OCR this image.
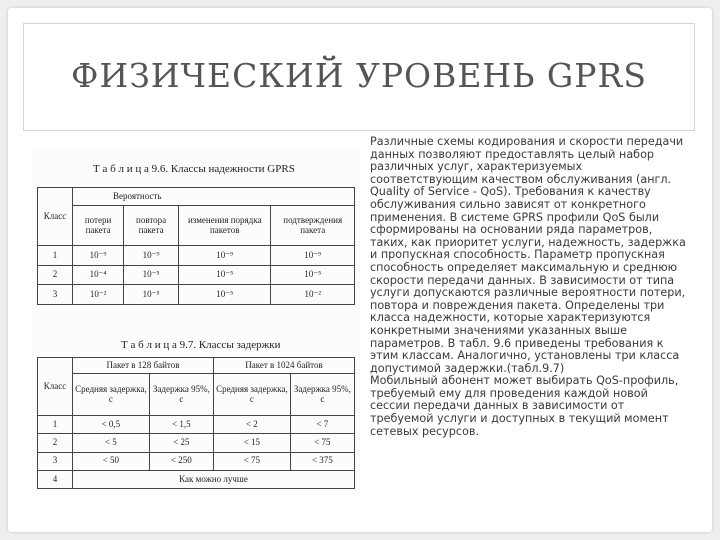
ФИЗИЧЕСКИЙ УРОВЕНЬ GPRS
Т а б л и ц а 9.6. Классы надежности GPRS
Класс	Вероятность			
	потери пакета	повтора пакета	изменения порядка пакетов	подтверждения пакета
1	10⁻⁹	10⁻⁹	10⁻⁹	10⁻⁹
2	10⁻⁴	10⁻⁵	10⁻⁵	10⁻⁵
3	10⁻²	10⁻⁵	10⁻⁵	10⁻²
Т а б л и ц а 9.7. Классы задержки
Класс	Пакет в 128 байтов		Пакет в 1024 байтов	
	Средняя задержка, с	Задержка 95%, с	Средняя задержка, с	Задержка 95%, с
1	< 0,5	< 1,5	< 2	< 7
2	< 5	< 25	< 15	< 75
3	< 50	< 250	< 75	< 375
4	Как можно лучше			

Различные схемы кодирования и скорости передачи данных позволяют предоставлять целый набор различных услуг, характеризуемых соответствующим качеством обслуживания (англ. Quality of Service - QoS). Требования к качеству обслуживания сильно зависят от конкретного применения. В системе GPRS профили QoS были сформированы на основании ряда параметров, таких, как приоритет услуги, надежность, задержка и пропускная способность. Параметр пропускная способность определяет максимальную и среднюю скорости передачи данных. В зависимости от типа услуги допускаются различные вероятности потери, повтора и повреждения пакета. Определены три класса надежности, которые характеризуются конкретными значениями указанных выше параметров. В табл. 9.6 приведены требования к этим классам. Аналогично, установлены три класса допустимой задержки.(табл.9.7)

Мобильный абонент может выбирать QoS-профиль, требуемый ему для проведения каждой новой сессии передачи данных в зависимости от требуемой услуги и доступных в текущий момент сетевых ресурсов.
